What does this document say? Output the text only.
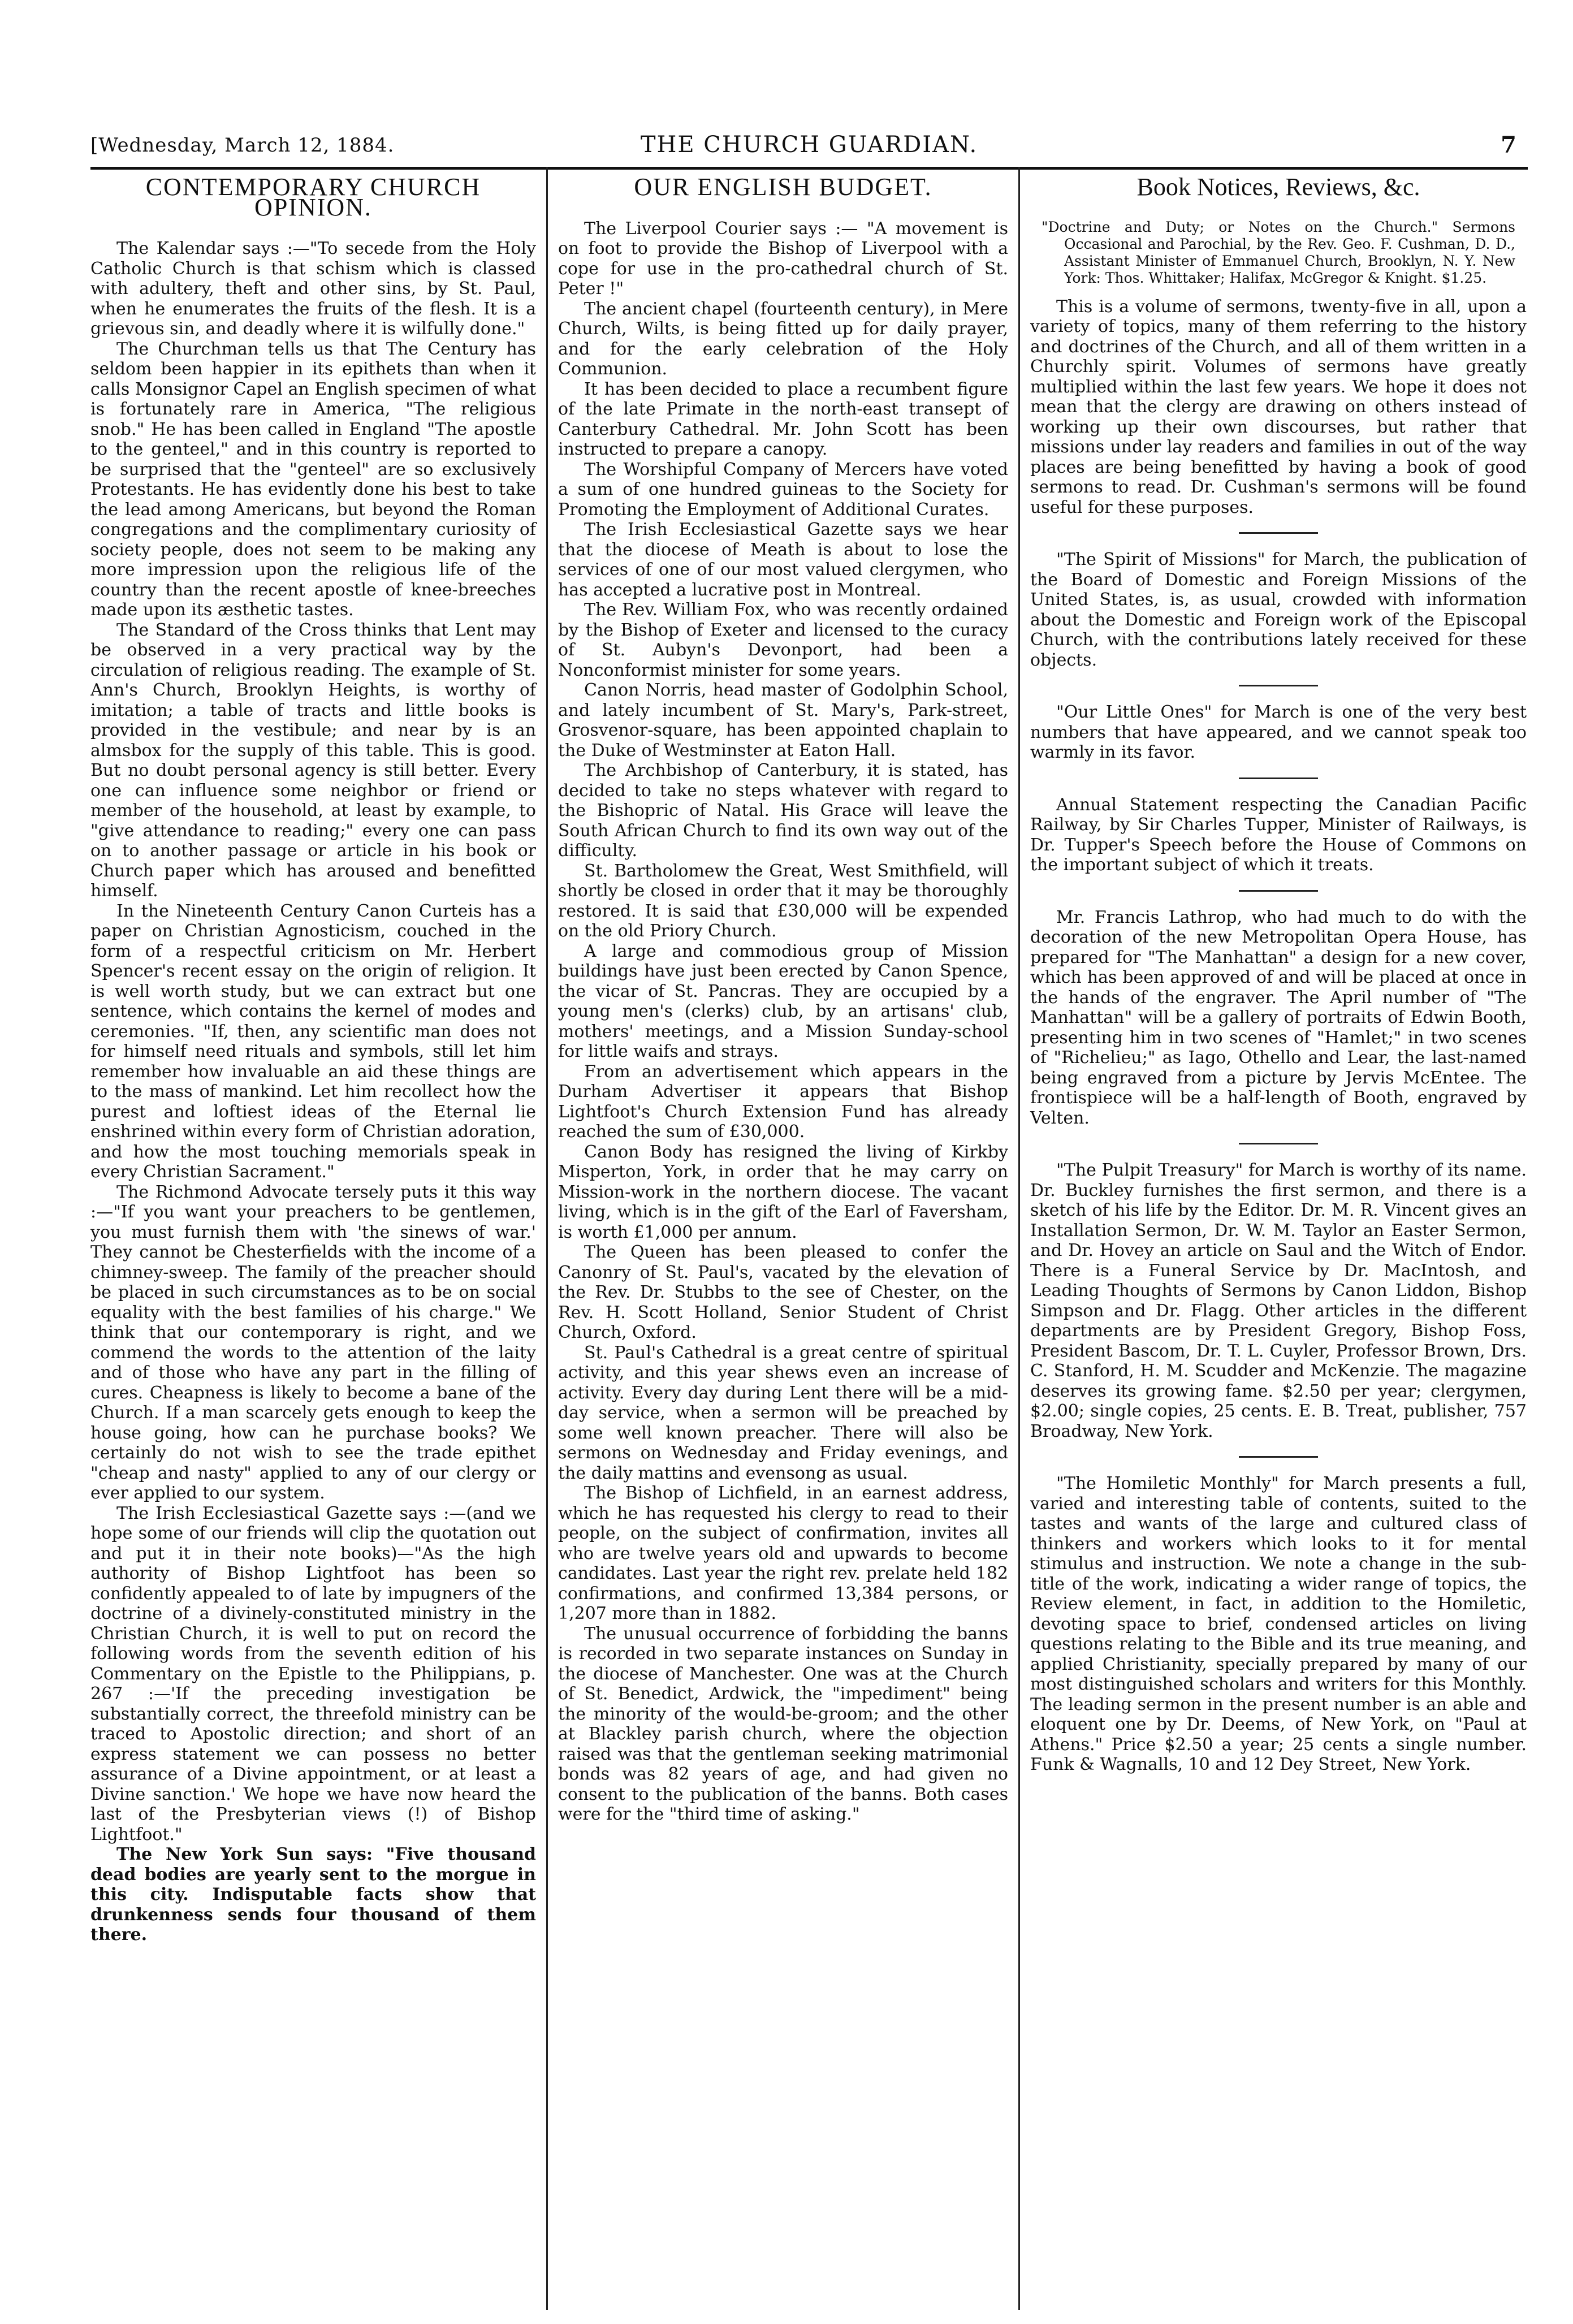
[Wednesday, March 12, 1884.	THE CHURCH GUARDIAN.	7
CONTEMPORARY CHURCH OPINION.

The Kalendar says :—"To secede from the Holy Catholic Church is that schism which is classed with adultery, theft and other sins, by St. Paul, when he enumerates the fruits of the flesh. It is a grievous sin, and deadly where it is wilfully done."

The Churchman tells us that The Century has seldom been happier in its epithets than when it calls Monsignor Capel an English specimen of what is fortunately rare in America, "The religious snob." He has been called in England "The apostle to the genteel," and in this country is reported to be surprised that the "genteel" are so exclusively Protestants. He has evidently done his best to take the lead among Americans, but beyond the Roman congregations and the complimentary curiosity of society people, does not seem to be making any more impression upon the religious life of the country than the recent apostle of knee-breeches made upon its æsthetic tastes.

The Standard of the Cross thinks that Lent may be observed in a very practical way by the circulation of religious reading. The example of St. Ann's Church, Brooklyn Heights, is worthy of imitation; a table of tracts and little books is provided in the vestibule; and near by is an almsbox for the supply of this table. This is good. But no doubt personal agency is still better. Every one can influence some neighbor or friend or member of the household, at least by example, to "give attendance to reading;" every one can pass on to another passage or article in his book or Church paper which has aroused and benefitted himself.

In the Nineteenth Century Canon Curteis has a paper on Christian Agnosticism, couched in the form of a respectful criticism on Mr. Herbert Spencer's recent essay on the origin of religion. It is well worth study, but we can extract but one sentence, which contains the kernel of modes and ceremonies. "If, then, any scientific man does not for himself need rituals and symbols, still let him remember how invaluable an aid these things are to the mass of mankind. Let him recollect how the purest and loftiest ideas of the Eternal lie enshrined within every form of Christian adoration, and how the most touching memorials speak in every Christian Sacrament."

The Richmond Advocate tersely puts it this way :—"If you want your preachers to be gentlemen, you must furnish them with 'the sinews of war.' They cannot be Chesterfields with the income of a chimney-sweep. The family of the preacher should be placed in such circumstances as to be on social equality with the best families of his charge." We think that our contemporary is right, and we commend the words to the attention of the laity and of those who have any part in the filling of cures. Cheapness is likely to become a bane of the Church. If a man scarcely gets enough to keep the house going, how can he purchase books? We certainly do not wish to see the trade epithet "cheap and nasty" applied to any of our clergy or ever applied to our system.

The Irish Ecclesiastical Gazette says :—(and we hope some of our friends will clip the quotation out and put it in their note books)—"As the high authority of Bishop Lightfoot has been so confidently appealed to of late by impugners of the doctrine of a divinely-constituted ministry in the Christian Church, it is well to put on record the following words from the seventh edition of his Commentary on the Epistle to the Philippians, p. 267 :—'If the preceding investigation be substantially correct, the threefold ministry can be traced to Apostolic direction; and short of an express statement we can possess no better assurance of a Divine appointment, or at least a Divine sanction.' We hope we have now heard the last of the Presbyterian views (!) of Bishop Lightfoot."

The New York Sun says: "Five thousand dead bodies are yearly sent to the morgue in this city. Indisputable facts show that drunkenness sends four thousand of them there.

OUR ENGLISH BUDGET.

The Liverpool Courier says :— "A movement is on foot to provide the Bishop of Liverpool with a cope for use in the pro-cathedral church of St. Peter !"

The ancient chapel (fourteenth century), in Mere Church, Wilts, is being fitted up for daily prayer, and for the early celebration of the Holy Communion.

It has been decided to place a recumbent figure of the late Primate in the north-east transept of Canterbury Cathedral. Mr. John Scott has been instructed to prepare a canopy.

The Worshipful Company of Mercers have voted a sum of one hundred guineas to the Society for Promoting the Employment of Additional Curates.

The Irish Ecclesiastical Gazette says we hear that the diocese of Meath is about to lose the services of one of our most valued clergymen, who has accepted a lucrative post in Montreal.

The Rev. William Fox, who was recently ordained by the Bishop of Exeter and licensed to the curacy of St. Aubyn's Devonport, had been a Nonconformist minister for some years.

Canon Norris, head master of Godolphin School, and lately incumbent of St. Mary's, Park-street, Grosvenor-square, has been appointed chaplain to the Duke of Westminster at Eaton Hall.

The Archbishop of Canterbury, it is stated, has decided to take no steps whatever with regard to the Bishopric of Natal. His Grace will leave the South African Church to find its own way out of the difficulty.

St. Bartholomew the Great, West Smithfield, will shortly be closed in order that it may be thoroughly restored. It is said that £30,000 will be expended on the old Priory Church.

A large and commodious group of Mission buildings have just been erected by Canon Spence, the vicar of St. Pancras. They are occupied by a young men's (clerks) club, by an artisans' club, mothers' meetings, and a Mission Sunday-school for little waifs and strays.

From an advertisement which appears in the Durham Advertiser it appears that Bishop Lightfoot's Church Extension Fund has already reached the sum of £30,000.

Canon Body has resigned the living of Kirkby Misperton, York, in order that he may carry on Mission-work in the northern diocese. The vacant living, which is in the gift of the Earl of Faversham, is worth £1,000 per annum.

The Queen has been pleased to confer the Canonry of St. Paul's, vacated by the elevation of the Rev. Dr. Stubbs to the see of Chester, on the Rev. H. Scott Holland, Senior Student of Christ Church, Oxford.

St. Paul's Cathedral is a great centre of spiritual activity, and this year shews even an increase of activity. Every day during Lent there will be a mid-day service, when a sermon will be preached by some well known preacher. There will also be sermons on Wednesday and Friday evenings, and the daily mattins and evensong as usual.

The Bishop of Lichfield, in an earnest address, which he has requested his clergy to read to their people, on the subject of confirmation, invites all who are twelve years old and upwards to become candidates. Last year the right rev. prelate held 182 confirmations, and confirmed 13,384 persons, or 1,207 more than in 1882.

The unusual occurrence of forbidding the banns is recorded in two separate instances on Sunday in the diocese of Manchester. One was at the Church of St. Benedict, Ardwick, the "impediment" being the minority of the would-be-groom; and the other at Blackley parish church, where the objection raised was that the gentleman seeking matrimonial bonds was 82 years of age, and had given no consent to the publication of the banns. Both cases were for the "third time of asking."

Book Notices, Reviews, &c.

"Doctrine and Duty; or Notes on the Church." Sermons Occasional and Parochial, by the Rev. Geo. F. Cushman, D. D., Assistant Minister of Emmanuel Church, Brooklyn, N. Y. New York: Thos. Whittaker; Halifax, McGregor & Knight. $1.25.

This is a volume of sermons, twenty-five in all, upon a variety of topics, many of them referring to the history and doctrines of the Church, and all of them written in a Churchly spirit. Volumes of sermons have greatly multiplied within the last few years. We hope it does not mean that the clergy are drawing on others instead of working up their own discourses, but rather that missions under lay readers and families in out of the way places are being benefitted by having a book of good sermons to read. Dr. Cushman's sermons will be found useful for these purposes.

"The Spirit of Missions" for March, the publication of the Board of Domestic and Foreign Missions of the United States, is, as usual, crowded with information about the Domestic and Foreign work of the Episcopal Church, with the contributions lately received for these objects.

"Our Little Ones" for March is one of the very best numbers that have appeared, and we cannot speak too warmly in its favor.

Annual Statement respecting the Canadian Pacific Railway, by Sir Charles Tupper, Minister of Railways, is Dr. Tupper's Speech before the House of Commons on the important subject of which it treats.

Mr. Francis Lathrop, who had much to do with the decoration of the new Metropolitan Opera House, has prepared for "The Manhattan" a design for a new cover, which has been approved of and will be placed at once in the hands of the engraver. The April number of "The Manhattan" will be a gallery of portraits of Edwin Booth, presenting him in two scenes of "Hamlet;" in two scenes of "Richelieu;" as Iago, Othello and Lear, the last-named being engraved from a picture by Jervis McEntee. The frontispiece will be a half-length of Booth, engraved by Velten.

"The Pulpit Treasury" for March is worthy of its name. Dr. Buckley furnishes the first sermon, and there is a sketch of his life by the Editor. Dr. M. R. Vincent gives an Installation Sermon, Dr. W. M. Taylor an Easter Sermon, and Dr. Hovey an article on Saul and the Witch of Endor. There is a Funeral Service by Dr. MacIntosh, and Leading Thoughts of Sermons by Canon Liddon, Bishop Simpson and Dr. Flagg. Other articles in the different departments are by President Gregory, Bishop Foss, President Bascom, Dr. T. L. Cuyler, Professor Brown, Drs. C. Stanford, H. M. Scudder and McKenzie. The magazine deserves its growing fame. $2.50 per year; clergymen, $2.00; single copies, 25 cents. E. B. Treat, publisher, 757 Broadway, New York.

"The Homiletic Monthly" for March presents a full, varied and interesting table of contents, suited to the tastes and wants of the large and cultured class of thinkers and workers which looks to it for mental stimulus and instruction. We note a change in the sub-title of the work, indicating a wider range of topics, the Review element, in fact, in addition to the Homiletic, devoting space to brief, condensed articles on living questions relating to the Bible and its true meaning, and applied Christianity, specially prepared by many of our most distinguished scholars and writers for this Monthly. The leading sermon in the present number is an able and eloquent one by Dr. Deems, of New York, on "Paul at Athens." Price $2.50 a year; 25 cents a single number. Funk & Wagnalls, 10 and 12 Dey Street, New York.
